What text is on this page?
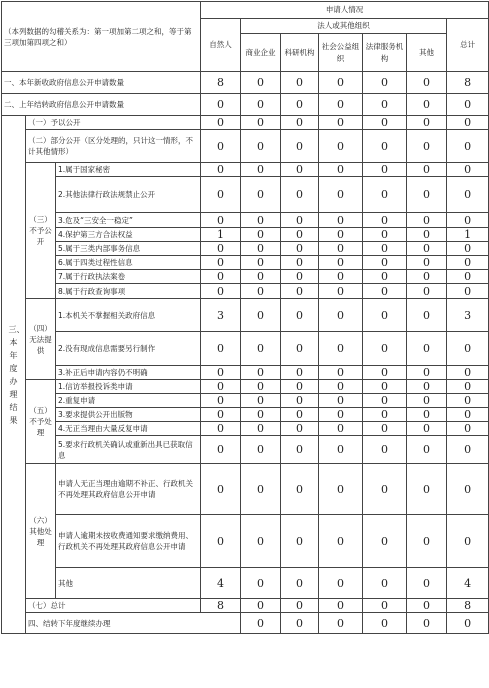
（本列数据的勾稽关系为：第一项加第二项之和，等于第三项加第四项之和）			申请人情况							
			自然人	法人或其他组织					总计	
				商业企业	科研机构	社会公益组织	法律服务机构	其他		
一、本年新收政府信息公开申请数量			8	0	0	0	0	0	8	
二、上年结转政府信息公开申请数量			0	0	0	0	0	0	0	
三、本年度办理结果	（一）予以公开		0	0	0	0	0	0	0	
	（二）部分公开（区分处理的，只计这一情形，不计其他情形）		0	0	0	0	0	0	0	
	（三）不予公开	1.属于国家秘密	0	0	0	0	0	0	0	
		2.其他法律行政法规禁止公开	0	0	0	0	0	0	0	
		3.危及“三安全一稳定”	0	0	0	0	0	0	0	
		4.保护第三方合法权益	1	0	0	0	0	0	1	
		5.属于三类内部事务信息	0	0	0	0	0	0	0	
		6.属于四类过程性信息	0	0	0	0	0	0	0	
		7.属于行政执法案卷	0	0	0	0	0	0	0	
		8.属于行政查询事项	0	0	0	0	0	0	0	
	（四）无法提供	1.本机关不掌握相关政府信息	3	0	0	0	0	0	3	
		2.没有现成信息需要另行制作	0	0	0	0	0	0	0	
		3.补正后申请内容仍不明确	0	0	0	0	0	0	0	
	（五）不予处理	1.信访举报投诉类申请	0	0	0	0	0	0	0	
		2.重复申请	0	0	0	0	0	0	0	
		3.要求提供公开出版物	0	0	0	0	0	0	0	
		4.无正当理由大量反复申请	0	0	0	0	0	0	0	
		5.要求行政机关确认或重新出具已获取信息	0	0	0	0	0	0	0	
	（六）其他处理	申请人无正当理由逾期不补正、行政机关不再处理其政府信息公开申请	0	0	0	0	0	0	0	
		申请人逾期未按收费通知要求缴纳费用、行政机关不再处理其政府信息公开申请	0	0	0	0	0	0	0	
		其他	4	0	0	0	0	0	4	
	（七）总计		8	0	0	0	0	0	8	
	四、结转下年度继续办理			0	0	0	0	0	0	
